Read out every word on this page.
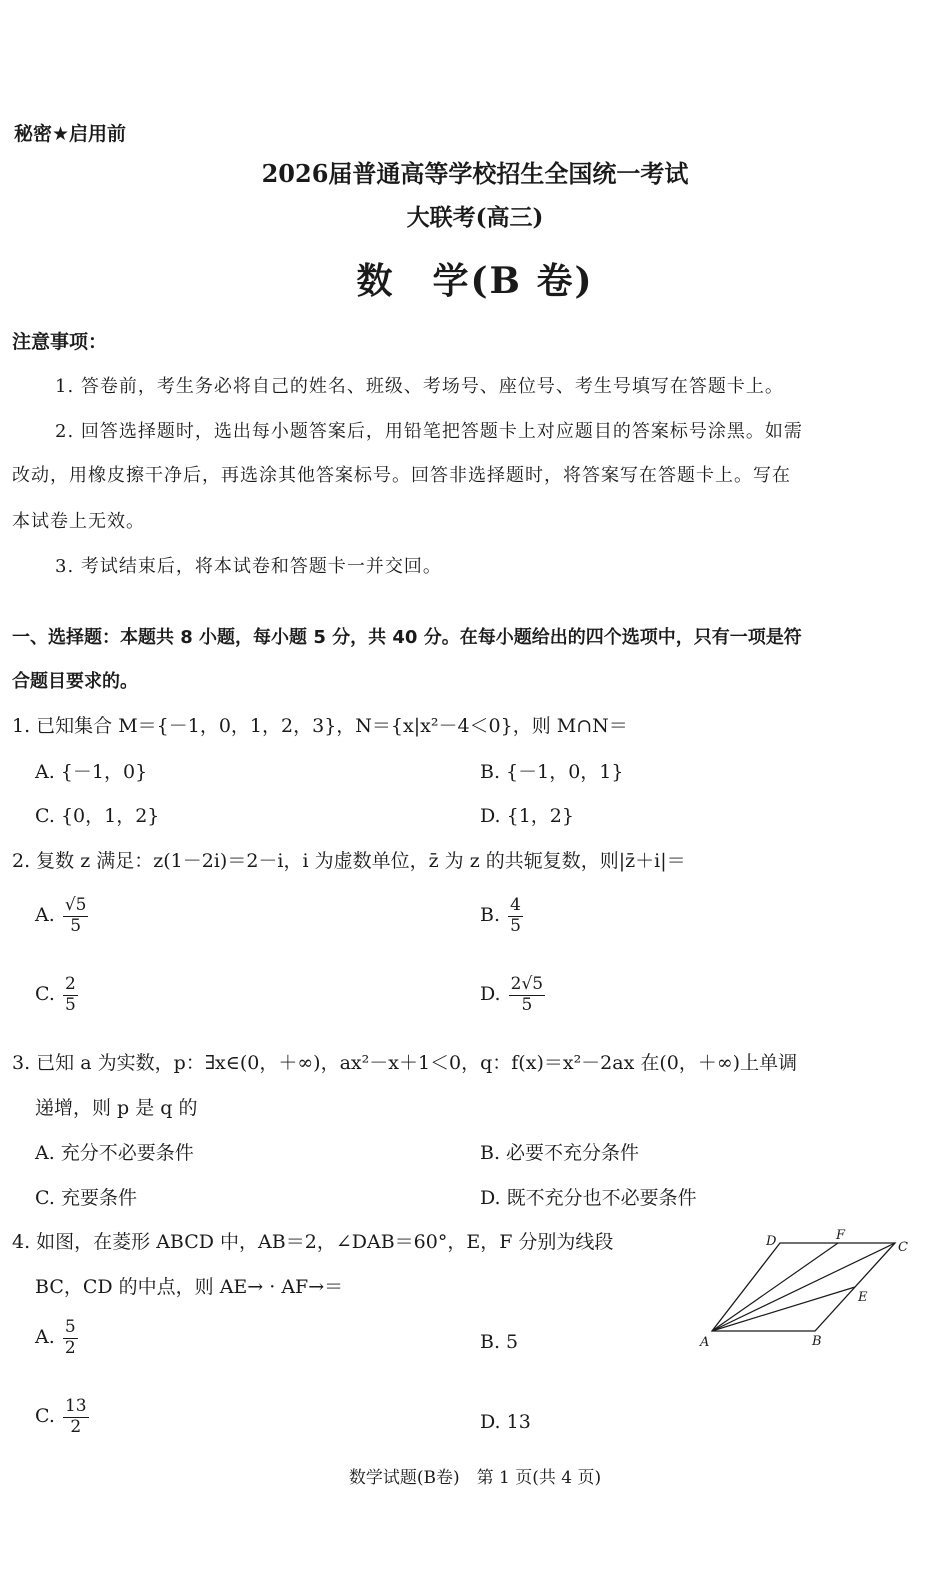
秘密★启用前
2026届普通高等学校招生全国统一考试
大联考(高三)
数　学(B 卷)
注意事项：
1. 答卷前，考生务必将自己的姓名、班级、考场号、座位号、考生号填写在答题卡上。
2. 回答选择题时，选出每小题答案后，用铅笔把答题卡上对应题目的答案标号涂黑。如需
改动，用橡皮擦干净后，再选涂其他答案标号。回答非选择题时，将答案写在答题卡上。写在
本试卷上无效。
3. 考试结束后，将本试卷和答题卡一并交回。
一、选择题：本题共 8 小题，每小题 5 分，共 40 分。在每小题给出的四个选项中，只有一项是符
合题目要求的。
1. 已知集合 M＝{－1，0，1，2，3}，N＝{x|x²－4＜0}，则 M∩N＝
A. {－1，0}	B. {－1，0，1}
C. {0，1，2}	D. {1，2}
2. 复数 z 满足：z(1－2i)＝2－i，i 为虚数单位，z̄ 为 z 的共轭复数，则|z̄＋i|＝
A. $\frac{√5}{5}$	B. $\frac{4}{5}$
C. $\frac{2}{5}$	D. $\frac{2√5}{5}$
3. 已知 a 为实数，p：∃x∈(0，＋∞)，ax²－x＋1＜0，q：f(x)＝x²－2ax 在(0，＋∞)上单调
递增，则 p 是 q 的
A. 充分不必要条件	B. 必要不充分条件
C. 充要条件	D. 既不充分也不必要条件
4. 如图，在菱形 ABCD 中，AB＝2，∠DAB＝60°，E，F 分别为线段
BC，CD 的中点，则 AE→ · AF→＝
A. $\frac{5}{2}$	B. 5
C. $\frac{13}{2}$	D. 13
A	B
C
D
E
F
数学试题(B卷)　第 1 页(共 4 页)
